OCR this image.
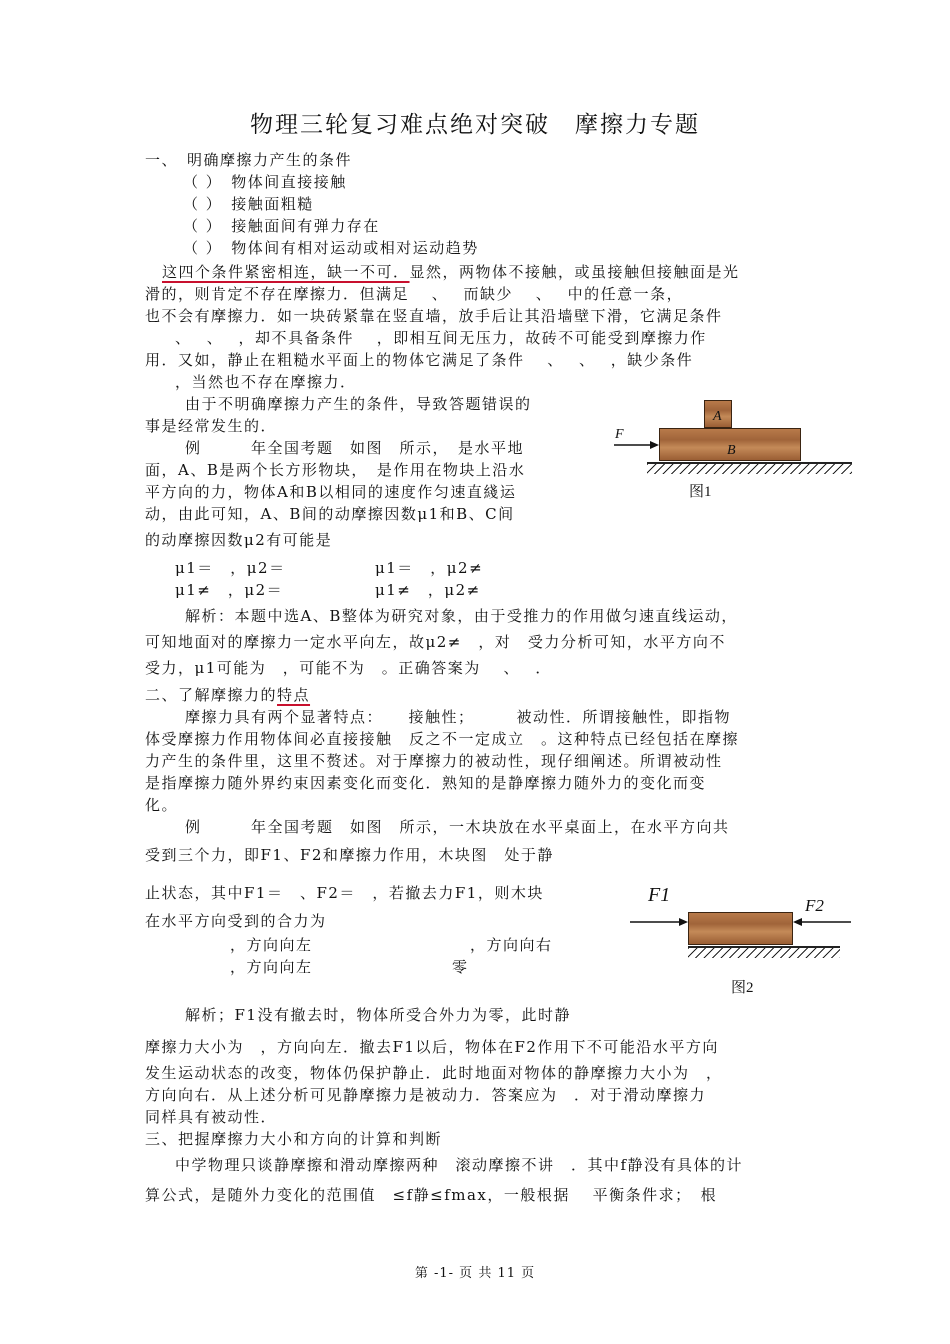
物理三轮复习难点绝对突破　摩擦力专题
一、　明确摩擦力产生的条件
（ ）　物体间直接接触
（ ）　接触面粗糙
（ ）　接触面间有弹力存在
（ ）　物体间有相对运动或相对运动趋势
这四个条件紧密相连，缺一不可．显然，两物体不接触，或虽接触但接触面是光
滑的，则肯定不存在摩擦力．但满足　 、　 而缺少　 、　 中的任意一条，
也不会有摩擦力．如一块砖紧靠在竖直墙，放手后让其沿墙壁下滑，它满足条件
、　 、　 ，却不具备条件　 ，即相互间无压力，故砖不可能受到摩擦力作
用．又如，静止在粗糙水平面上的物体它满足了条件　 、　 、　 ，缺少条件
，当然也不存在摩擦力．
由于不明确摩擦力产生的条件，导致答题错误的
事是经常发生的．
例　　　年全国考题　如图　所示，　是水平地
面，A、B是两个长方形物块，　是作用在物块上沿水
平方向的力，物体A和B以相同的速度作匀速直綫运
动，由此可知，A、B间的动摩擦因数μ1和B、C间
的动摩擦因数μ2有可能是
μ1＝　，μ2＝	μ1＝　，μ2≠
μ1≠　，μ2＝	μ1≠　，μ2≠
解析：本题中选A、B整体为研究对象，由于受推力的作用做匀速直线运动，
可知地面对的摩擦力一定水平向左，故μ2≠　，对　受力分析可知，水平方向不
受力，μ1可能为　，可能不为　。正确答案为　 、　 ．
A
B
F
图1
二、了解摩擦力的特点
摩擦力具有两个显著特点：　　接触性；　　　被动性．所谓接触性，即指物
体受摩擦力作用物体间必直接接触　反之不一定成立　。这种特点已经包括在摩擦
力产生的条件里，这里不赘述。对于摩擦力的被动性，现仔细阐述。所谓被动性
是指摩擦力随外界约束因素变化而变化．熟知的是静摩擦力随外力的变化而变
化。
例　　　年全国考题　如图　所示，一木块放在水平桌面上，在水平方向共
受到三个力，即F1、F2和摩擦力作用，木块图　处于静
止状态，其中F1＝　、F2＝　，若撤去力F1，则木块
在水平方向受到的合力为
，方向向左	，方向向右
，方向向左	零
F1	F2
图2
解析；F1没有撤去时，物体所受合外力为零，此时静
摩擦力大小为　，方向向左．撤去F1以后，物体在F2作用下不可能沿水平方向
发生运动状态的改变，物体仍保护静止．此时地面对物体的静摩擦力大小为　，
方向向右．从上述分析可见静摩擦力是被动力．答案应为　．对于滑动摩擦力
同样具有被动性．
三、把握摩擦力大小和方向的计算和判断
中学物理只谈静摩擦和滑动摩擦两种　滚动摩擦不讲　．其中f静没有具体的计
算公式，是随外力变化的范围值　≤f静≤fmax，一般根据　 平衡条件求；　根
第 -1- 页 共 11 页
